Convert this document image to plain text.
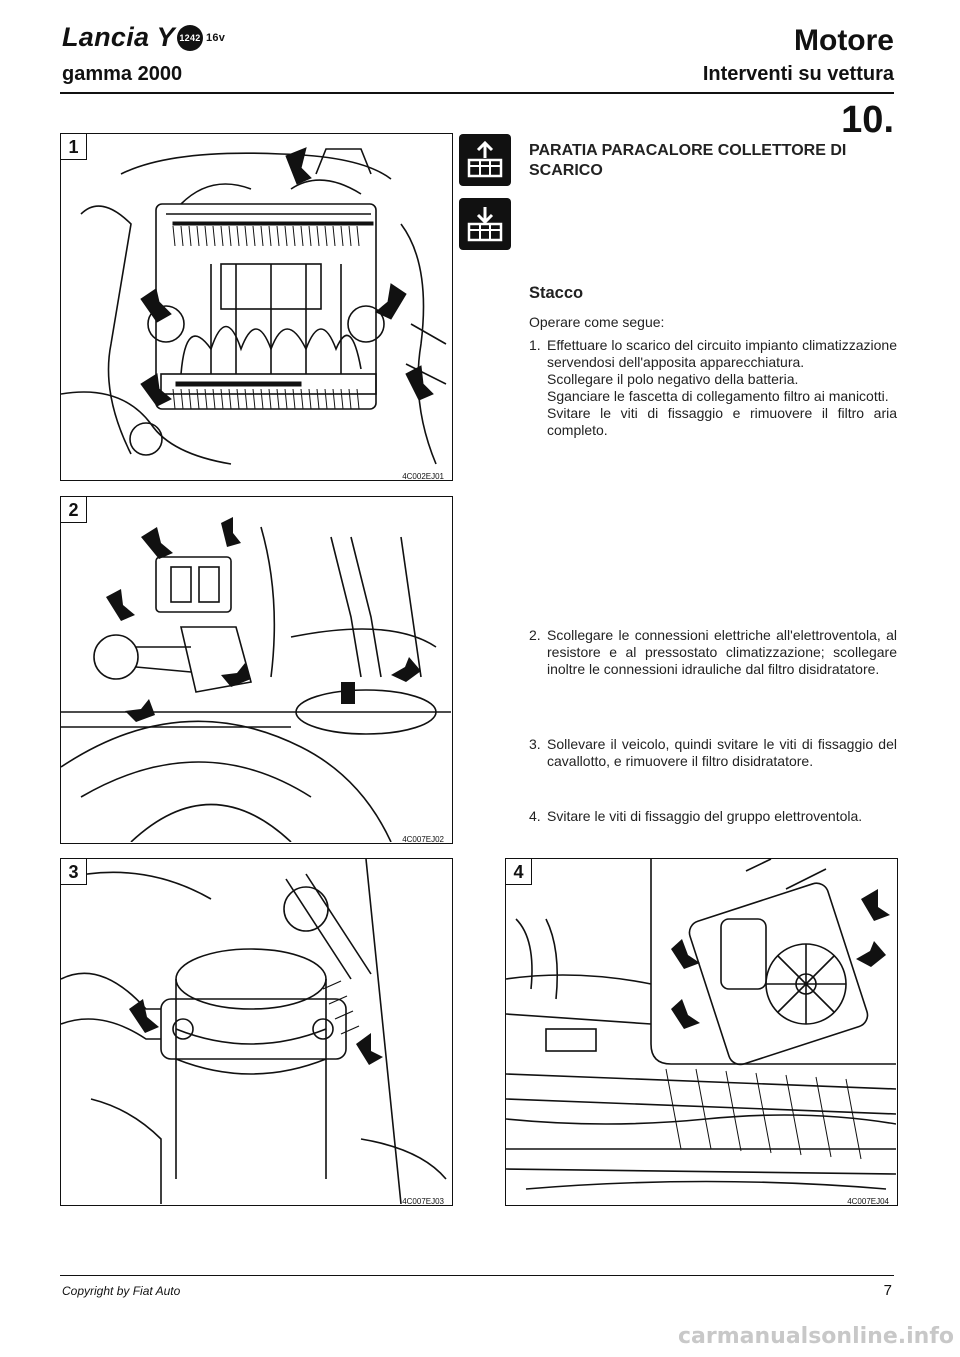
Lancia Y 1242 16v
gamma 2000
Motore
Interventi su vettura
10.
1
4C002EJ01
2
4C007EJ02
3
4C007EJ03
PARATIA PARACALORE COLLETTORE DI SCARICO
Stacco
Operare come segue:
1. Effettuare lo scarico del circuito impianto climatizzazione servendosi dell'apposita apparecchiatura.
Scollegare il polo negativo della batteria.
Sganciare le fascetta di collegamento filtro ai manicotti.
Svitare le viti di fissaggio e rimuovere il filtro aria completo.
2. Scollegare le connessioni elettriche all'elettroventola, al resistore e al pressostato climatizzazione; scollegare inoltre le connessioni idrauliche dal filtro disidratatore.
3. Sollevare il veicolo, quindi svitare le viti di fissaggio del cavallotto, e rimuovere il filtro disidratatore.
4. Svitare le viti di fissaggio del gruppo elettroventola.
4
4C007EJ04
Copyright by Fiat Auto	7
carmanualsonline.info
